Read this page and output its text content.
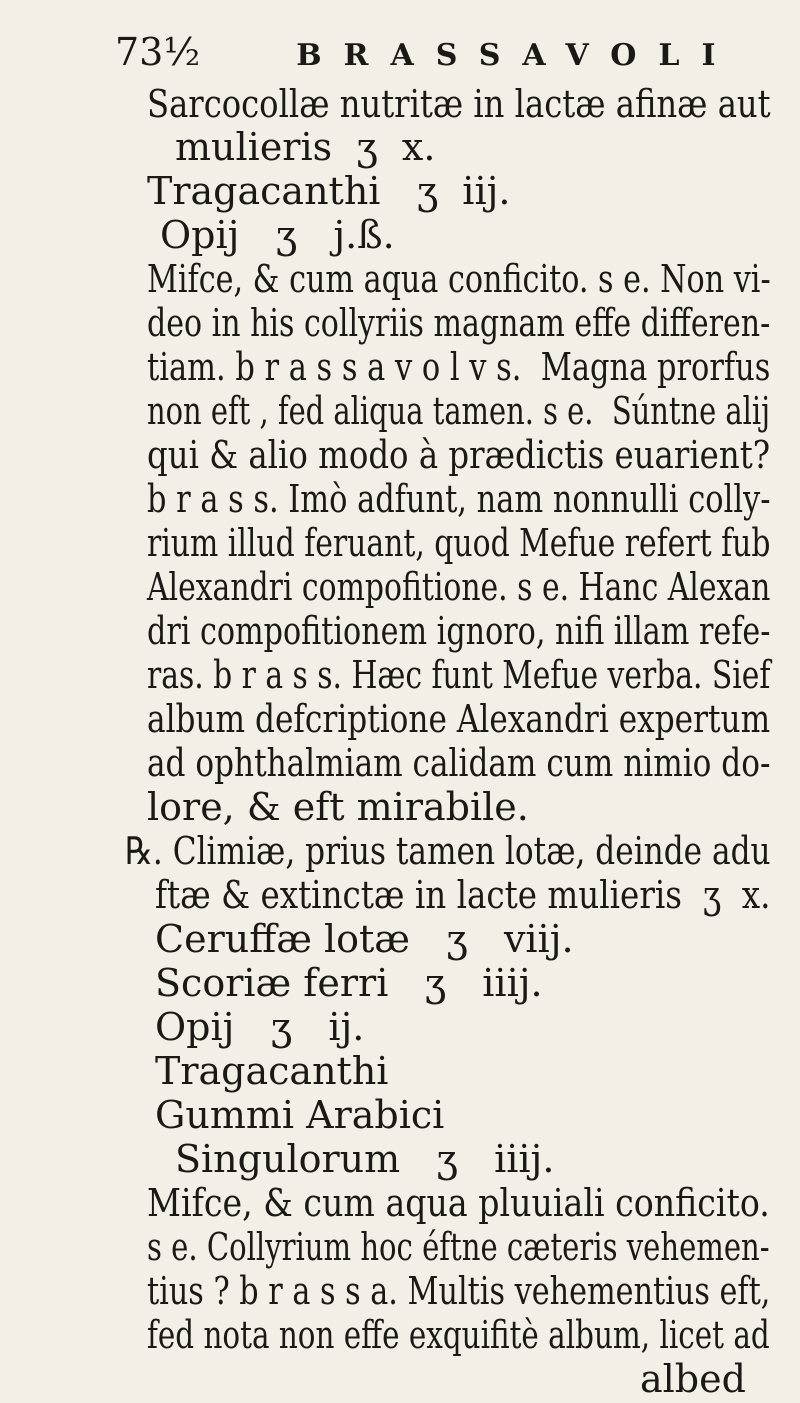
73½	BRASSAVOLI
Sarcocollæ nutritæ in lactæ afinæ aut
mulieris  ʒ  x.
Tragacanthi   ʒ  iij.
Opij   ʒ   j.ß.
Mifce, & cum aqua conficito. s e. Non vi-
deo in his collyriis magnam effe differen-
tiam. b r a s s a v o l v s.  Magna prorfus
non eft , fed aliqua tamen. s e.  Súntne alij
qui & alio modo à prædictis euarient?
b r a s s. Imò adfunt, nam nonnulli colly-
rium illud feruant, quod Mefue refert fub
Alexandri compofitione. s e. Hanc Alexan
dri compofitionem ignoro, nifi illam refe-
ras. b r a s s. Hæc funt Mefue verba. Sief
album defcriptione Alexandri expertum
ad ophthalmiam calidam cum nimio do-
lore, & eft mirabile.
℞. Climiæ, prius tamen lotæ, deinde adu
ftæ & extinctæ in lacte mulieris  ʒ  x.
Ceruffæ lotæ   ʒ   viij.
Scoriæ ferri   ʒ   iiij.
Opij   ʒ   ij.
Tragacanthi
Gummi Arabici
Singulorum   ʒ   iiij.
Mifce, & cum aqua pluuiali conficito.
s e. Collyrium hoc éftne cæteris vehemen-
tius ? b r a s s a. Multis vehementius eft,
fed nota non effe exquifitè album, licet ad
albed
